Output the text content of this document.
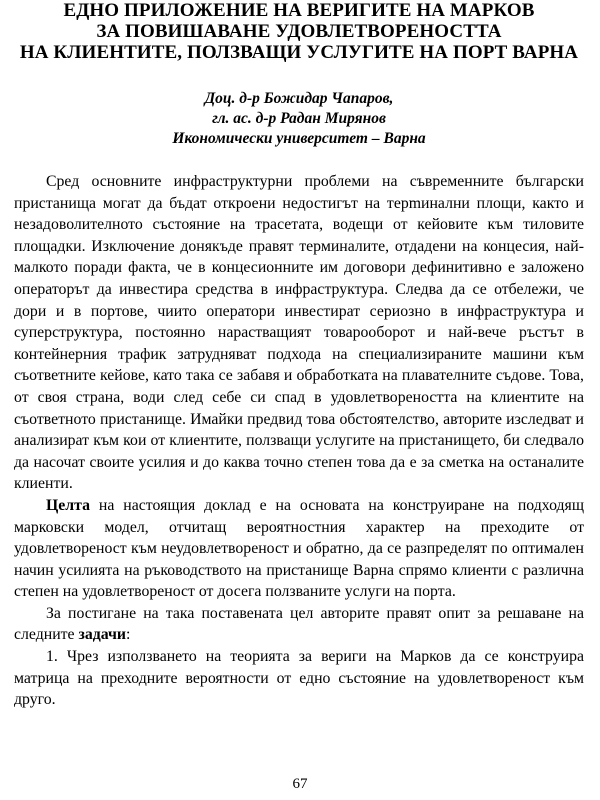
ЕДНО ПРИЛОЖЕНИЕ НА ВЕРИГИТЕ НА МАРКОВ
ЗА ПОВИШАВАНЕ УДОВЛЕТВОРЕНОСТТА
НА КЛИЕНТИТЕ, ПОЛЗВАЩИ УСЛУГИТЕ НА ПОРТ ВАРНА
Доц. д-р Божидар Чапаров,
гл. ас. д-р Радан Мирянов
Икономически университет – Варна

Сред основните инфраструктурни проблеми на съвременните български пристанища могат да бъдат откроени недостигът на терmинални площи, както и незадоволителното състояние на трасетата, водещи от кейовите към тиловите площадки. Изключение донякъде правят терминалите, отдадени на концесия, най-малкото поради факта, че в концесионните им договори дефинитивно е заложено операторът да инвестира средства в инфраструктура. Следва да се отбележи, че дори и в портове, чиито оператори инвестират сериозно в инфраструктура и суперструктура, постоянно нарастващият товарооборот и най-вече ръстът в контейнерния трафик затрудняват подхода на специализираните машини към съответните кейове, като така се забавя и обработката на плавателните съдове. Това, от своя страна, води след себе си спад в удовлетвореността на клиентите на съответното пристанище. Имайки предвид това обстоятелство, авторите изследват и анализират към кои от клиентите, ползващи услугите на пристанището, би следвало да насочат своите усилия и до каква точно степен това да е за сметка на останалите клиенти.

Целта на настоящия доклад е на основата на конструиране на подходящ марковски модел, отчитащ вероятностния характер на преходите от удовлетвореност към неудовлетвореност и обратно, да се разпределят по оптимален начин усилията на ръководството на пристанище Варна спрямо клиенти с различна степен на удовлетвореност от досега ползваните услуги на порта.

За постигане на така поставената цел авторите правят опит за решаване на следните задачи:

1. Чрез използването на теорията за вериги на Марков да се конструира матрица на преходните вероятности от едно състояние на удовлетвореност към друго.

67
